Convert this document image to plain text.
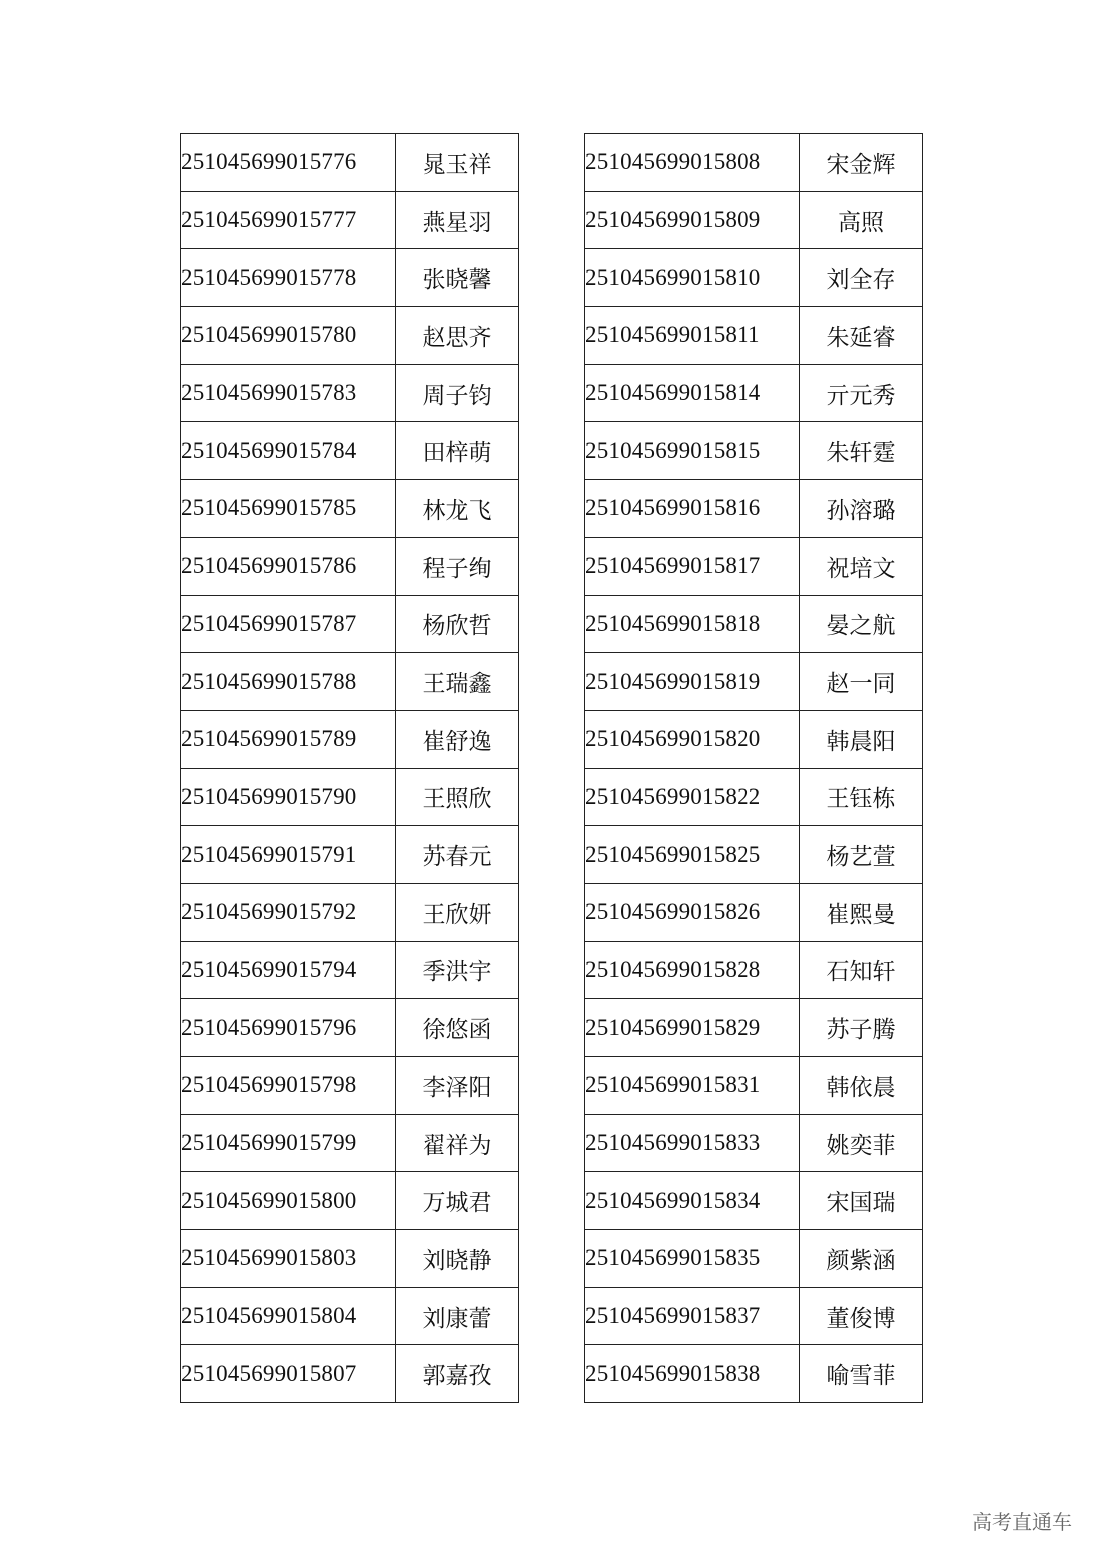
251045699015776	晁玉祥
251045699015777	燕星羽
251045699015778	张晓馨
251045699015780	赵思齐
251045699015783	周子钧
251045699015784	田梓萌
251045699015785	林龙飞
251045699015786	程子绚
251045699015787	杨欣哲
251045699015788	王瑞鑫
251045699015789	崔舒逸
251045699015790	王照欣
251045699015791	苏春元
251045699015792	王欣妍
251045699015794	季洪宇
251045699015796	徐悠函
251045699015798	李泽阳
251045699015799	翟祥为
251045699015800	万城君
251045699015803	刘晓静
251045699015804	刘康蕾
251045699015807	郭嘉孜
251045699015808	宋金辉
251045699015809	高照
251045699015810	刘全存
251045699015811	朱延睿
251045699015814	亓元秀
251045699015815	朱轩霆
251045699015816	孙溶璐
251045699015817	祝培文
251045699015818	晏之航
251045699015819	赵一同
251045699015820	韩晨阳
251045699015822	王钰栋
251045699015825	杨艺萱
251045699015826	崔熙曼
251045699015828	石知轩
251045699015829	苏子腾
251045699015831	韩依晨
251045699015833	姚奕菲
251045699015834	宋国瑞
251045699015835	颜紫涵
251045699015837	董俊博
251045699015838	喻雪菲
高考直通车
